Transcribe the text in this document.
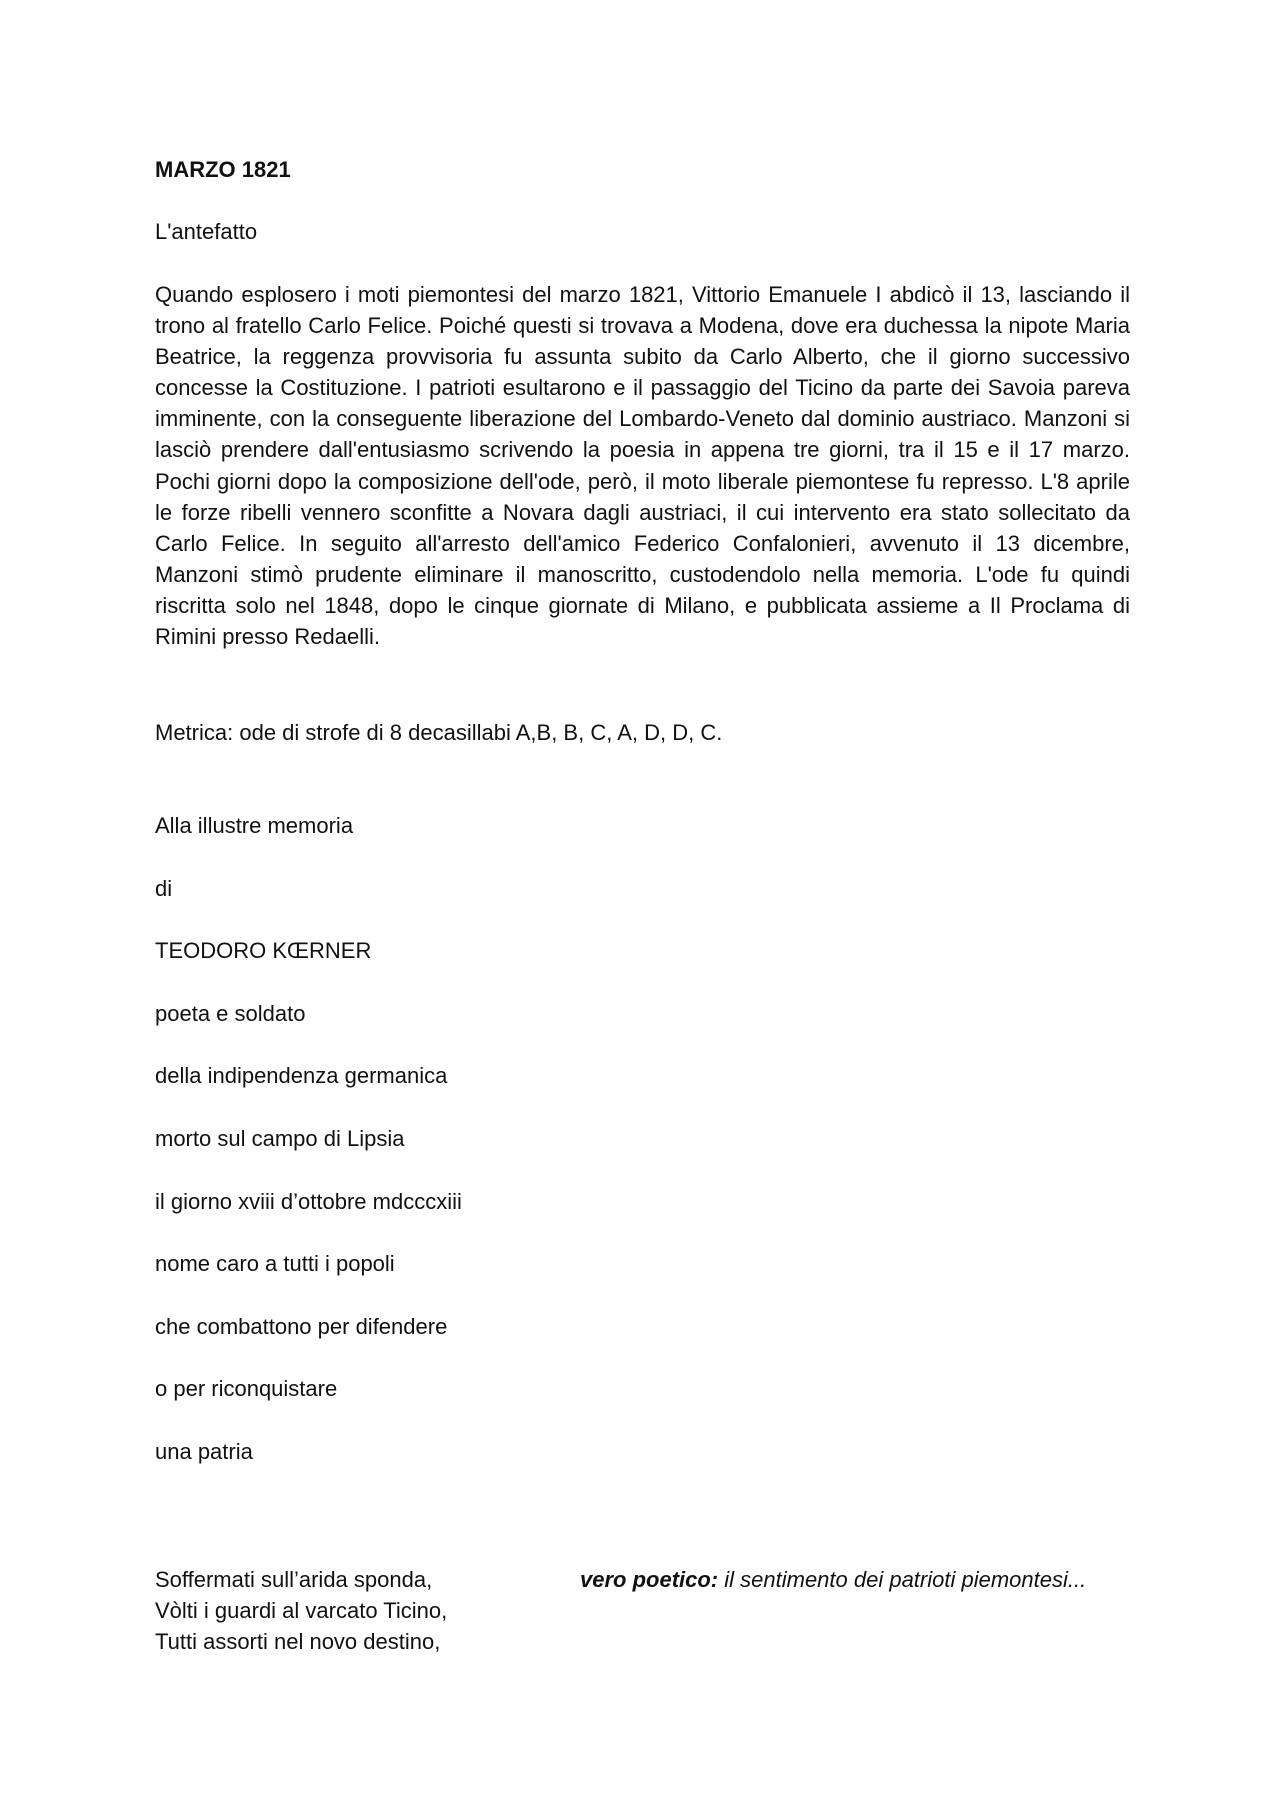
MARZO 1821

L'antefatto

Quando esplosero i moti piemontesi del marzo 1821, Vittorio Emanuele I abdicò il 13, lasciando il trono al fratello Carlo Felice. Poiché questi si trovava a Modena, dove era duchessa la nipote Maria Beatrice, la reggenza provvisoria fu assunta subito da Carlo Alberto, che il giorno successivo concesse la Costituzione. I patrioti esultarono e il passaggio del Ticino da parte dei Savoia pareva imminente, con la conseguente liberazione del Lombardo-Veneto dal dominio austriaco. Manzoni si lasciò prendere dall'entusiasmo scrivendo la poesia in appena tre giorni, tra il 15 e il 17 marzo. Pochi giorni dopo la composizione dell'ode, però, il moto liberale piemontese fu represso. L'8 aprile le forze ribelli vennero sconfitte a Novara dagli austriaci, il cui intervento era stato sollecitato da Carlo Felice. In seguito all'arresto dell'amico Federico Confalonieri, avvenuto il 13 dicembre, Manzoni stimò prudente eliminare il manoscritto, custodendolo nella memoria. L'ode fu quindi riscritta solo nel 1848, dopo le cinque giornate di Milano, e pubblicata assieme a Il Proclama di Rimini presso Redaelli.

Metrica: ode di strofe di 8 decasillabi A,B, B, C, A, D, D, C.

Alla illustre memoria
di
TEODORO KŒRNER
poeta e soldato
della indipendenza germanica
morto sul campo di Lipsia
il giorno xviii d’ottobre mdcccxiii
nome caro a tutti i popoli
che combattono per difendere
o per riconquistare
una patria
Soffermati sull’arida sponda,
Vòlti i guardi al varcato Ticino,
Tutti assorti nel novo destino,

vero poetico: il sentimento dei patrioti piemontesi...
